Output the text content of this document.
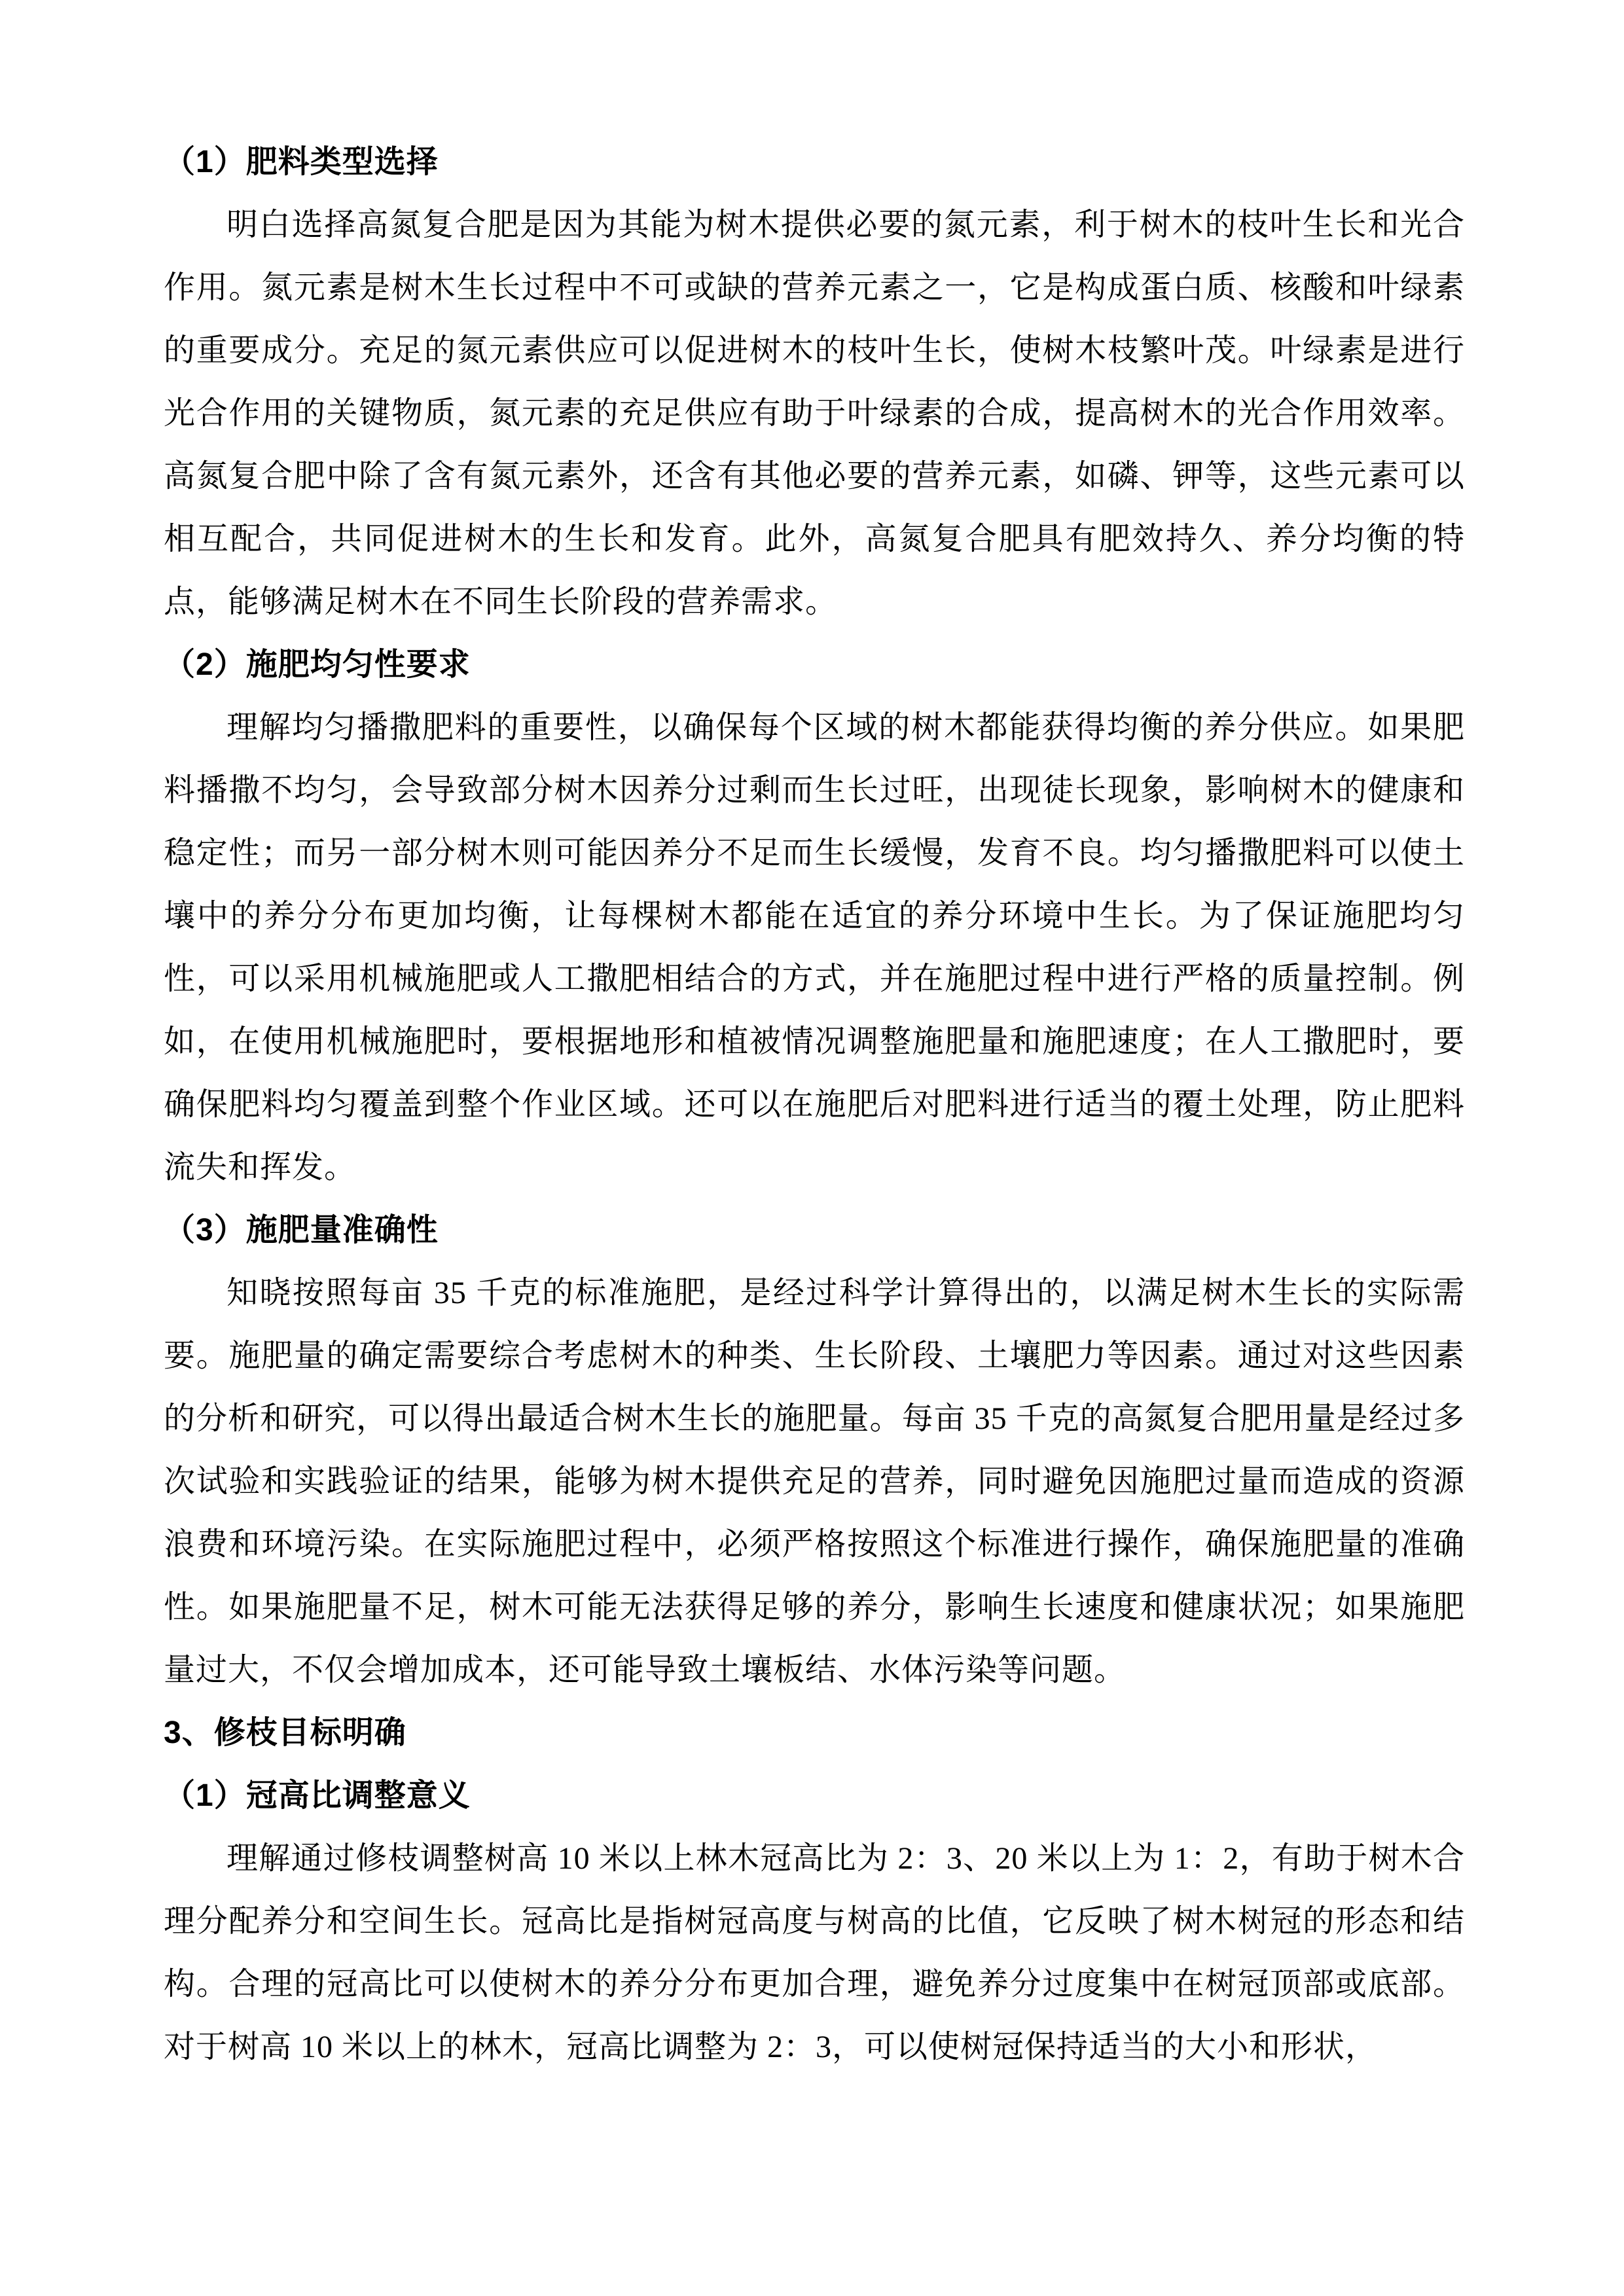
（1）肥料类型选择

明白选择高氮复合肥是因为其能为树木提供必要的氮元素，利于树木的枝叶生长和光合作用。氮元素是树木生长过程中不可或缺的营养元素之一，它是构成蛋白质、核酸和叶绿素的重要成分。充足的氮元素供应可以促进树木的枝叶生长，使树木枝繁叶茂。叶绿素是进行光合作用的关键物质，氮元素的充足供应有助于叶绿素的合成，提高树木的光合作用效率。高氮复合肥中除了含有氮元素外，还含有其他必要的营养元素，如磷、钾等，这些元素可以相互配合，共同促进树木的生长和发育。此外，高氮复合肥具有肥效持久、养分均衡的特点，能够满足树木在不同生长阶段的营养需求。

（2）施肥均匀性要求

理解均匀播撒肥料的重要性，以确保每个区域的树木都能获得均衡的养分供应。如果肥料播撒不均匀，会导致部分树木因养分过剩而生长过旺，出现徒长现象，影响树木的健康和稳定性；而另一部分树木则可能因养分不足而生长缓慢，发育不良。均匀播撒肥料可以使土壤中的养分分布更加均衡，让每棵树木都能在适宜的养分环境中生长。为了保证施肥均匀性，可以采用机械施肥或人工撒肥相结合的方式，并在施肥过程中进行严格的质量控制。例如，在使用机械施肥时，要根据地形和植被情况调整施肥量和施肥速度；在人工撒肥时，要确保肥料均匀覆盖到整个作业区域。还可以在施肥后对肥料进行适当的覆土处理，防止肥料流失和挥发。

（3）施肥量准确性

知晓按照每亩 35 千克的标准施肥，是经过科学计算得出的，以满足树木生长的实际需要。施肥量的确定需要综合考虑树木的种类、生长阶段、土壤肥力等因素。通过对这些因素的分析和研究，可以得出最适合树木生长的施肥量。每亩 35 千克的高氮复合肥用量是经过多次试验和实践验证的结果，能够为树木提供充足的营养，同时避免因施肥过量而造成的资源浪费和环境污染。在实际施肥过程中，必须严格按照这个标准进行操作，确保施肥量的准确性。如果施肥量不足，树木可能无法获得足够的养分，影响生长速度和健康状况；如果施肥量过大，不仅会增加成本，还可能导致土壤板结、水体污染等问题。

3、修枝目标明确
（1）冠高比调整意义

理解通过修枝调整树高 10 米以上林木冠高比为 2：3、20 米以上为 1：2，有助于树木合理分配养分和空间生长。冠高比是指树冠高度与树高的比值，它反映了树木树冠的形态和结构。合理的冠高比可以使树木的养分分布更加合理，避免养分过度集中在树冠顶部或底部。对于树高 10 米以上的林木，冠高比调整为 2：3，可以使树冠保持适当的大小和形状，
